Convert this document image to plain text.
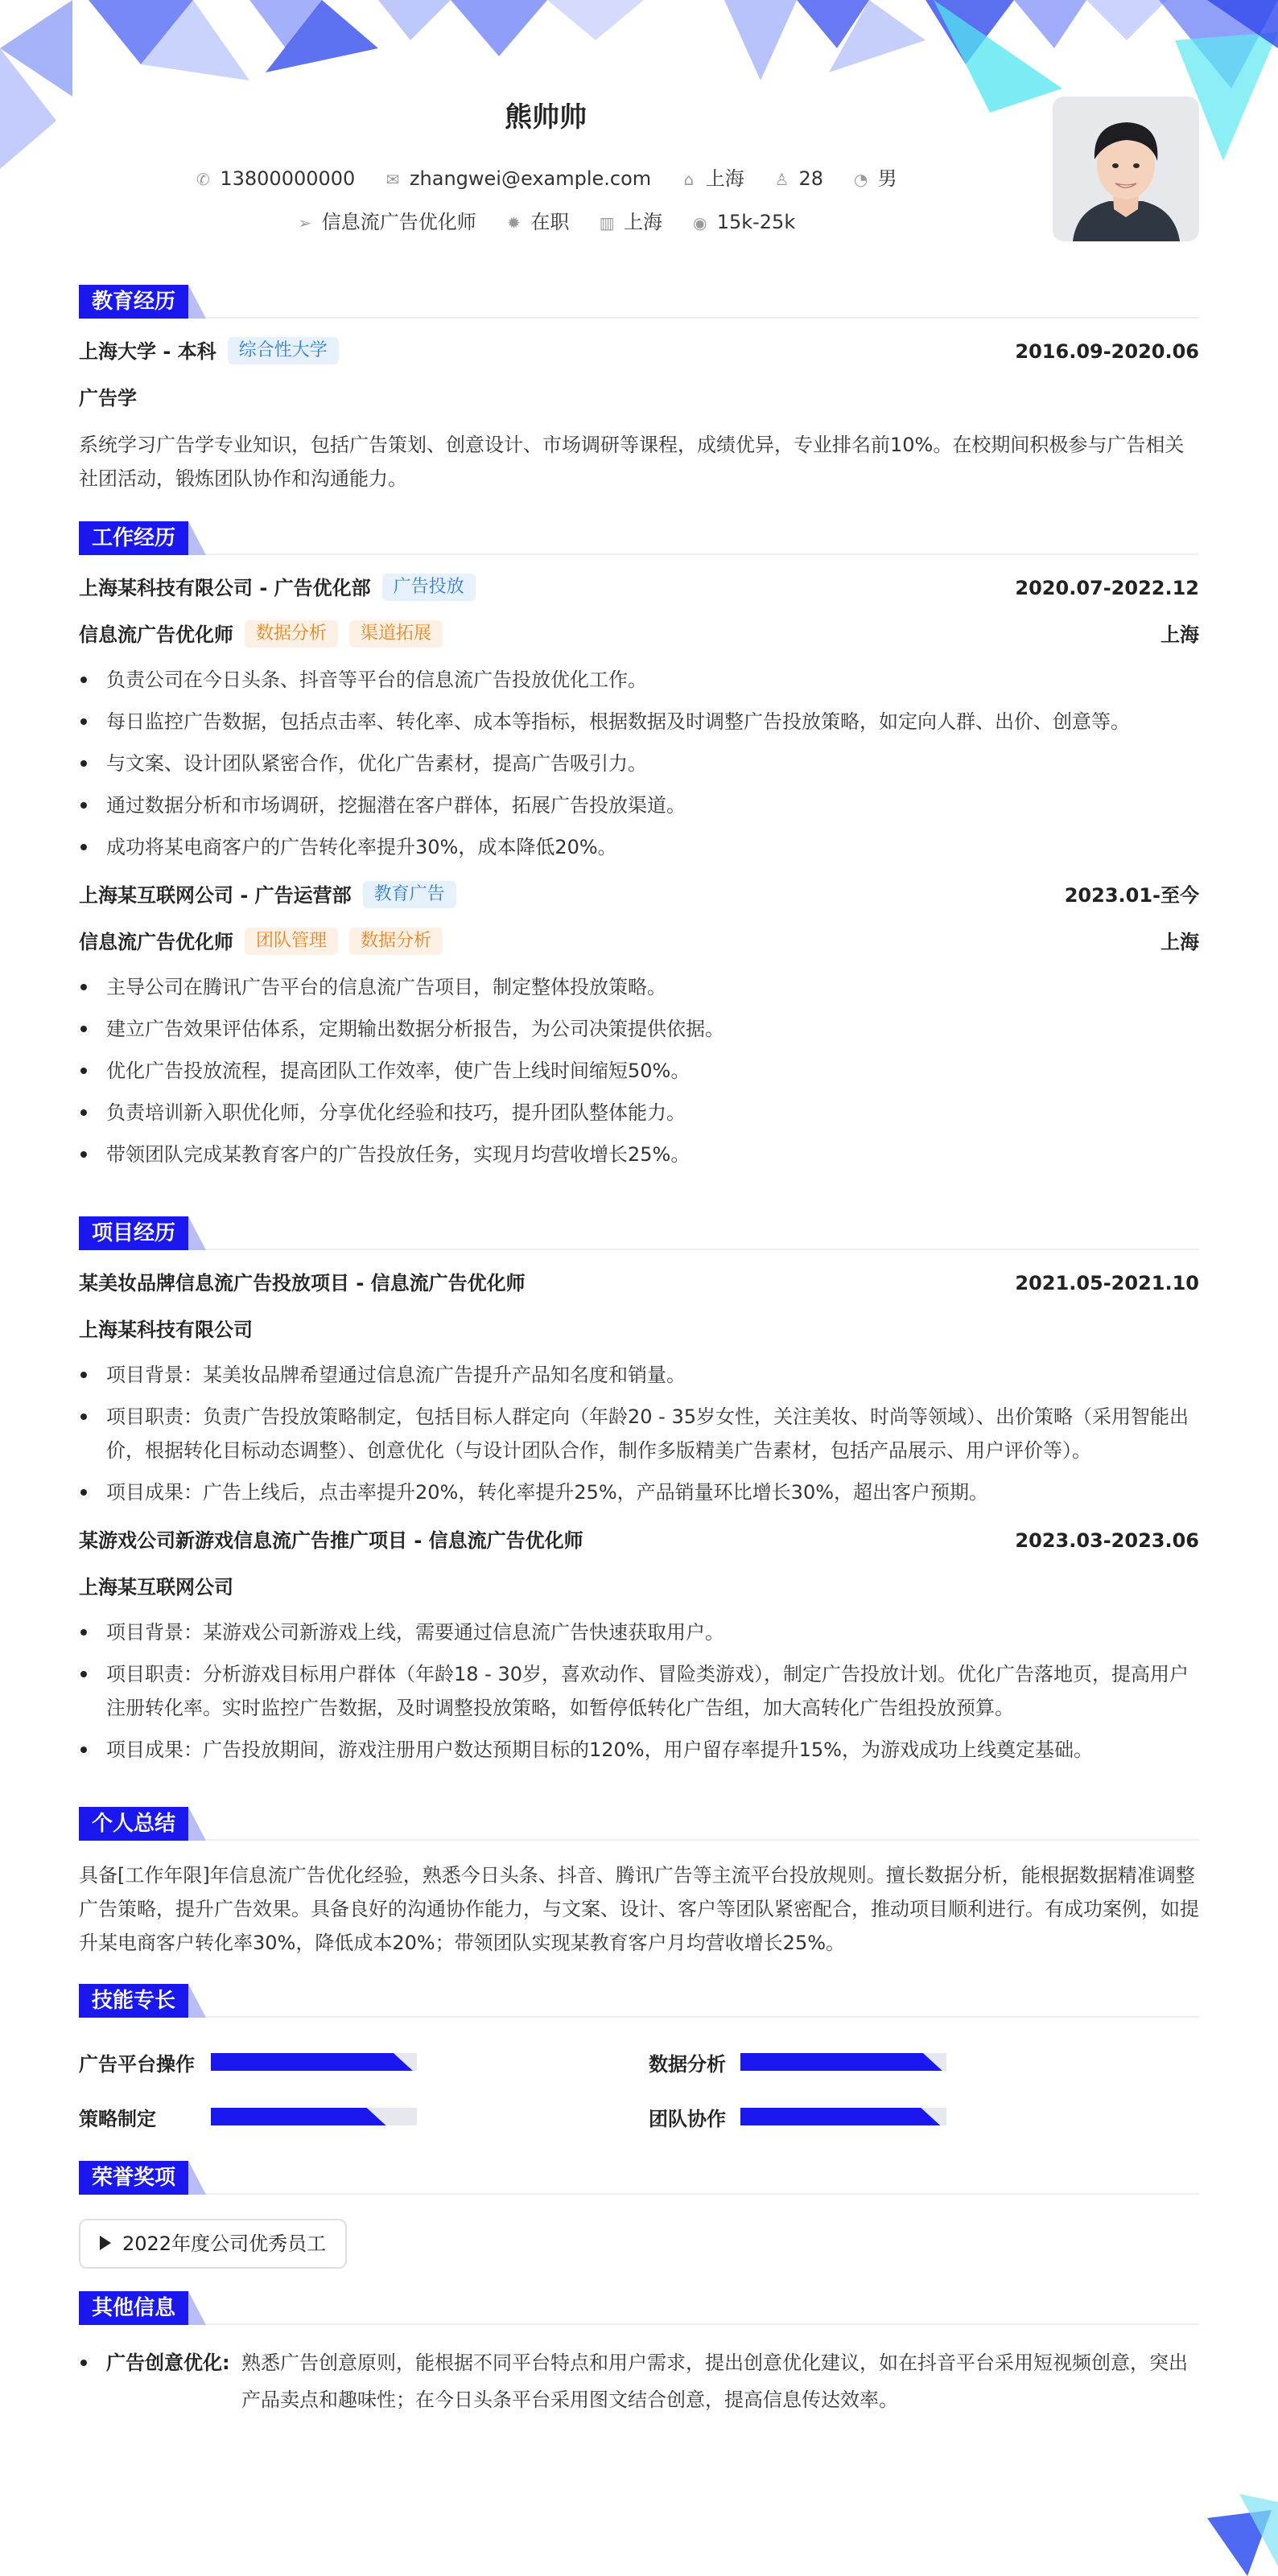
熊帅帅
✆ 13800000000 ✉ zhangwei@example.com ⌂ 上海 ♙ 28 ◔ 男
➢ 信息流广告优化师 ✹ 在职 ▥ 上海 ◉ 15k-25k
教育经历
上海大学 - 本科 综合性大学	2016.09-2020.06
广告学
系统学习广告学专业知识，包括广告策划、创意设计、市场调研等课程，成绩优异，专业排名前10%。在校期间积极参与广告相关社团活动，锻炼团队协作和沟通能力。
工作经历
上海某科技有限公司 - 广告优化部 广告投放	2020.07-2022.12
信息流广告优化师 数据分析 渠道拓展	上海
负责公司在今日头条、抖音等平台的信息流广告投放优化工作。
每日监控广告数据，包括点击率、转化率、成本等指标，根据数据及时调整广告投放策略，如定向人群、出价、创意等。
与文案、设计团队紧密合作，优化广告素材，提高广告吸引力。
通过数据分析和市场调研，挖掘潜在客户群体，拓展广告投放渠道。
成功将某电商客户的广告转化率提升30%，成本降低20%。
上海某互联网公司 - 广告运营部 教育广告	2023.01-至今
信息流广告优化师 团队管理 数据分析	上海
主导公司在腾讯广告平台的信息流广告项目，制定整体投放策略。
建立广告效果评估体系，定期输出数据分析报告，为公司决策提供依据。
优化广告投放流程，提高团队工作效率，使广告上线时间缩短50%。
负责培训新入职优化师，分享优化经验和技巧，提升团队整体能力。
带领团队完成某教育客户的广告投放任务，实现月均营收增长25%。
项目经历
某美妆品牌信息流广告投放项目 - 信息流广告优化师	2021.05-2021.10
上海某科技有限公司
项目背景：某美妆品牌希望通过信息流广告提升产品知名度和销量。
项目职责：负责广告投放策略制定，包括目标人群定向（年龄20 - 35岁女性，关注美妆、时尚等领域）、出价策略（采用智能出价，根据转化目标动态调整）、创意优化（与设计团队合作，制作多版精美广告素材，包括产品展示、用户评价等）。
项目成果：广告上线后，点击率提升20%，转化率提升25%，产品销量环比增长30%，超出客户预期。
某游戏公司新游戏信息流广告推广项目 - 信息流广告优化师	2023.03-2023.06
上海某互联网公司
项目背景：某游戏公司新游戏上线，需要通过信息流广告快速获取用户。
项目职责：分析游戏目标用户群体（年龄18 - 30岁，喜欢动作、冒险类游戏），制定广告投放计划。优化广告落地页，提高用户注册转化率。实时监控广告数据，及时调整投放策略，如暂停低转化广告组，加大高转化广告组投放预算。
项目成果：广告投放期间，游戏注册用户数达预期目标的120%，用户留存率提升15%，为游戏成功上线奠定基础。
个人总结
具备[工作年限]年信息流广告优化经验，熟悉今日头条、抖音、腾讯广告等主流平台投放规则。擅长数据分析，能根据数据精准调整广告策略，提升广告效果。具备良好的沟通协作能力，与文案、设计、客户等团队紧密配合，推动项目顺利进行。有成功案例，如提升某电商客户转化率30%，降低成本20%；带领团队实现某教育客户月均营收增长25%。
技能专长
广告平台操作	数据分析
策略制定	团队协作
荣誉奖项
2022年度公司优秀员工
其他信息
广告创意优化: 熟悉广告创意原则，能根据不同平台特点和用户需求，提出创意优化建议，如在抖音平台采用短视频创意，突出产品卖点和趣味性；在今日头条平台采用图文结合创意，提高信息传达效率。
